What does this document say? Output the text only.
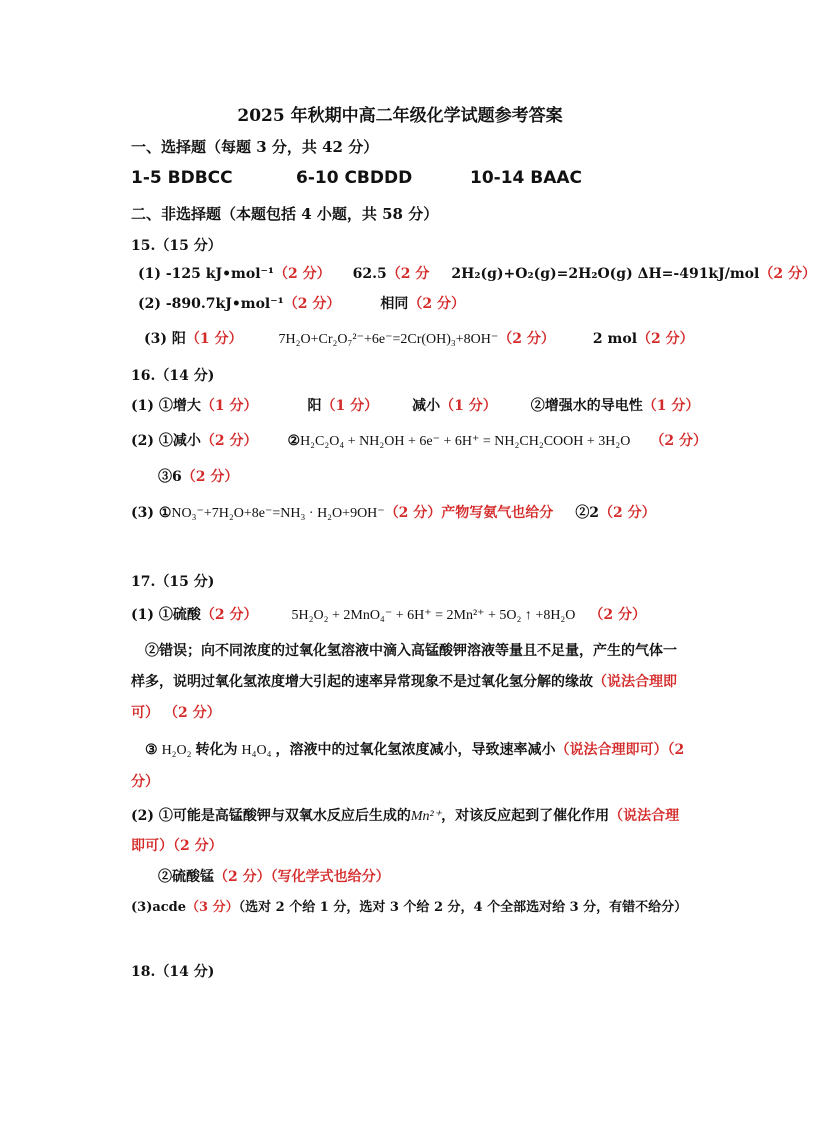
2025 年秋期中高二年级化学试题参考答案
一、选择题（每题 3 分，共 42 分）
1-5 BDBCC	6-10 CBDDD	10-14 BAAC
二、非选择题（本题包括 4 小题，共 58 分）
15.（15 分）
(1) -125 kJ•mol⁻¹（2 分） 62.5（2 分 2H₂(g)+O₂(g)=2H₂O(g) ΔH=-491kJ/mol（2 分）
(2) -890.7kJ•mol⁻¹（2 分）	相同（2 分）
(3) 阳（1 分）	7H₂O+Cr₂O₇²⁻+6e⁻=2Cr(OH)₃+8OH⁻（2 分）	2 mol（2 分）
16.（14 分)
(1) ①增大（1 分）	阳（1 分） 减小（1 分） ②增强水的导电性（1 分）
(2) ①减小（2 分） ②H₂C₂O₄ + NH₂OH + 6e⁻ + 6H⁺ = NH₂CH₂COOH + 3H₂O （2 分）
③6（2 分）
(3) ①NO₃⁻+7H₂O+8e⁻=NH₃ · H₂O+9OH⁻（2 分）产物写氨气也给分 ②2（2 分）
17.（15 分)
(1) ①硫酸（2 分） 5H₂O₂ + 2MnO₄⁻ + 6H⁺ = 2Mn²⁺ + 5O₂ ↑ +8H₂O （2 分）
②错误；向不同浓度的过氧化氢溶液中滴入高锰酸钾溶液等量且不足量，产生的气体一
样多，说明过氧化氢浓度增大引起的速率异常现象不是过氧化氢分解的缘故（说法合理即
可） （2 分）
③ H₂O₂ 转化为 H₄O₄ ，溶液中的过氧化氢浓度减小，导致速率减小（说法合理即可）（2
分）
(2) ①可能是高锰酸钾与双氧水反应后生成的Mn²⁺，对该反应起到了催化作用（说法合理
即可）（2 分）
②硫酸锰（2 分）（写化学式也给分）
(3)acde（3 分）（选对 2 个给 1 分，选对 3 个给 2 分，4 个全部选对给 3 分，有错不给分）
18.（14 分)
